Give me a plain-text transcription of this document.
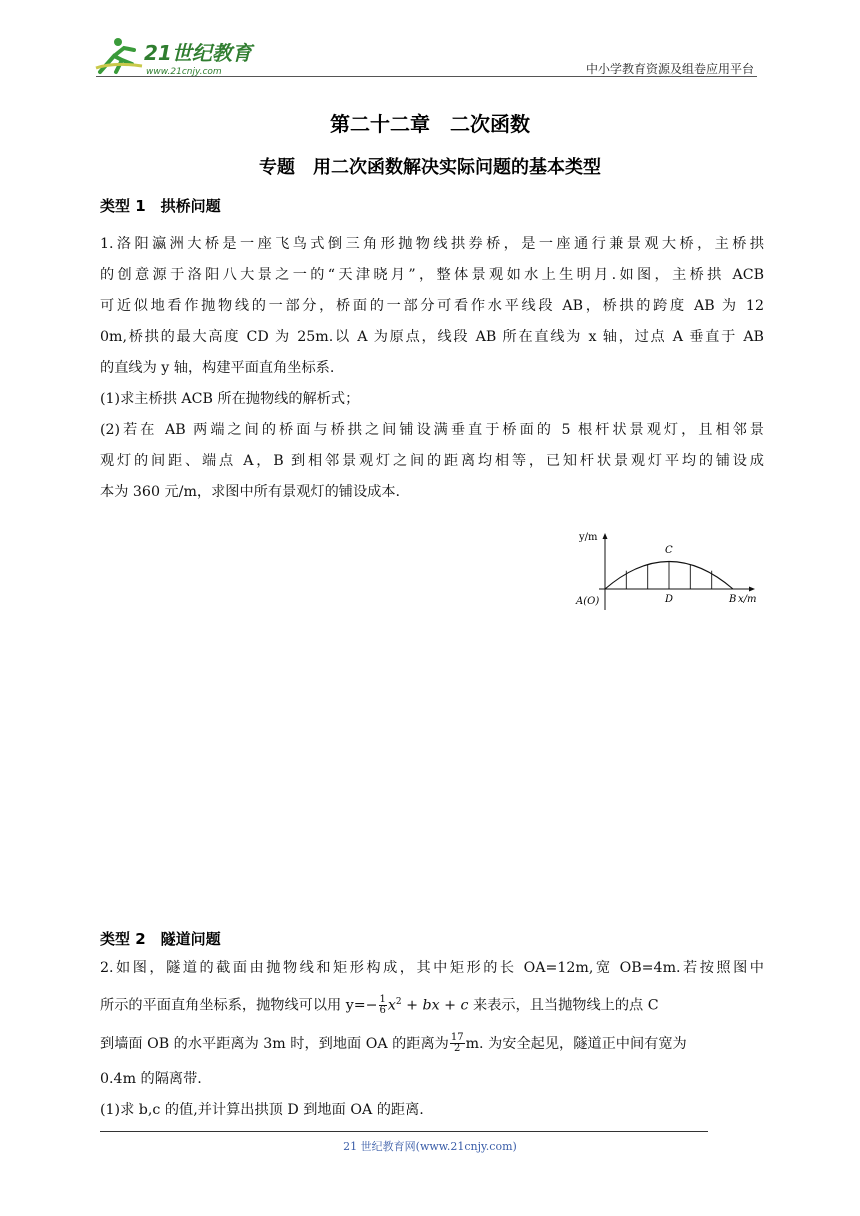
21世纪教育
www.21cnjy.com	中小学教育资源及组卷应用平台
第二十二章　二次函数
专题　用二次函数解决实际问题的基本类型
类型 1　拱桥问题
1.洛阳瀛洲大桥是一座飞鸟式倒三角形抛物线拱券桥，是一座通行兼景观大桥，主桥拱
的创意源于洛阳八大景之一的“天津晓月”，整体景观如水上生明月.如图，主桥拱 ACB
可近似地看作抛物线的一部分，桥面的一部分可看作水平线段 AB，桥拱的跨度 AB 为 12
0m,桥拱的最大高度 CD 为 25m.以 A 为原点，线段 AB 所在直线为 x 轴，过点 A 垂直于 AB
的直线为 y 轴，构建平面直角坐标系.
(1)求主桥拱 ACB 所在抛物线的解析式；
(2)若在 AB 两端之间的桥面与桥拱之间铺设满垂直于桥面的 5 根杆状景观灯，且相邻景
观灯的间距、端点 A，B 到相邻景观灯之间的距离均相等，已知杆状景观灯平均的铺设成
本为 360 元/m，求图中所有景观灯的铺设成本.
y/m
C
D	B x/m
A(O)
类型 2　隧道问题
2.如图，隧道的截面由抛物线和矩形构成，其中矩形的长 OA=12m,宽 OB=4m.若按照图中
所示的平面直角坐标系，抛物线可以用 $y=- \frac{1}{6} x^2$ + bx + c 来表示，且当抛物线上的点 C
到墙面 OB 的水平距离为 3m 时，到地面 OA 的距离为 $\frac{17}{2} m$. 为安全起见，隧道正中间有宽为
0.4m 的隔离带.
(1)求 b,c 的值,并计算出拱顶 D 到地面 OA 的距离.
21 世纪教育网(www.21cnjy.com)
